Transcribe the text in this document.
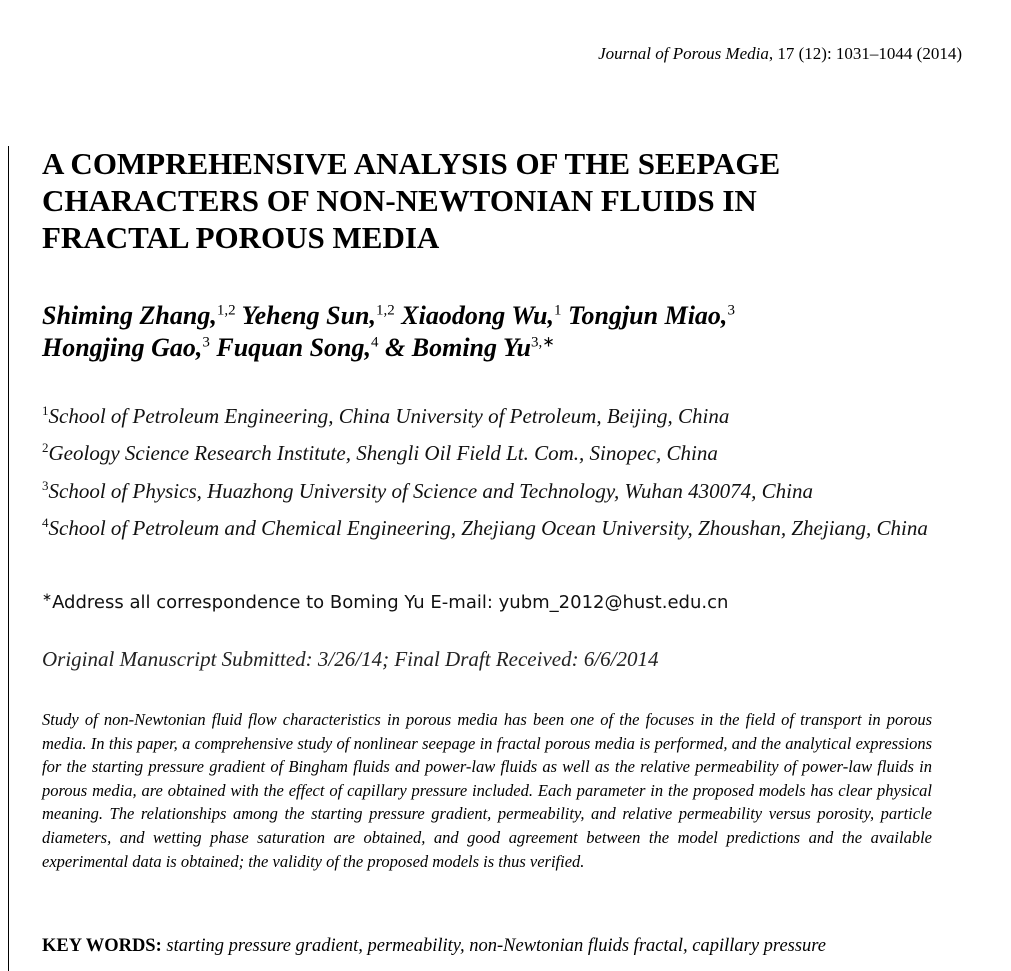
Journal of Porous Media, 17 (12): 1031–1044 (2014)
A COMPREHENSIVE ANALYSIS OF THE SEEPAGE
CHARACTERS OF NON-NEWTONIAN FLUIDS IN
FRACTAL POROUS MEDIA
Shiming Zhang,$^{1,2}$ Yeheng Sun,$^{1,2}$ Xiaodong Wu,$^1$ Tongjun Miao,$^3$
Hongjing Gao,$^3$ Fuquan Song,$^4$ & Boming $Yu^{3,∗}$
$^1$School of Petroleum Engineering, China University of Petroleum, Beijing, China
$^2$Geology Science Research Institute, Shengli Oil Field Lt. Com., Sinopec, China
$^3$School of Physics, Huazhong University of Science and Technology, Wuhan 430074, China
$^4$School of Petroleum and Chemical Engineering, Zhejiang Ocean University, Zhoushan, Zhejiang, China
∗Address all correspondence to Boming Yu E-mail: yubm_2012@hust.edu.cn
Original Manuscript Submitted: 3/26/14; Final Draft Received: 6/6/2014

Study of non-Newtonian fluid flow characteristics in porous media has been one of the focuses in the field of transport in porous media. In this paper, a comprehensive study of nonlinear seepage in fractal porous media is performed, and the analytical expressions for the starting pressure gradient of Bingham fluids and power-law fluids as well as the relative permeability of power-law fluids in porous media, are obtained with the effect of capillary pressure included. Each parameter in the proposed models has clear physical meaning. The relationships among the starting pressure gradient, permeability, and relative permeability versus porosity, particle diameters, and wetting phase saturation are obtained, and good agreement between the model predictions and the available experimental data is obtained; the validity of the proposed models is thus verified.

KEY WORDS: starting pressure gradient, permeability, non-Newtonian fluids fractal, capillary pressure
